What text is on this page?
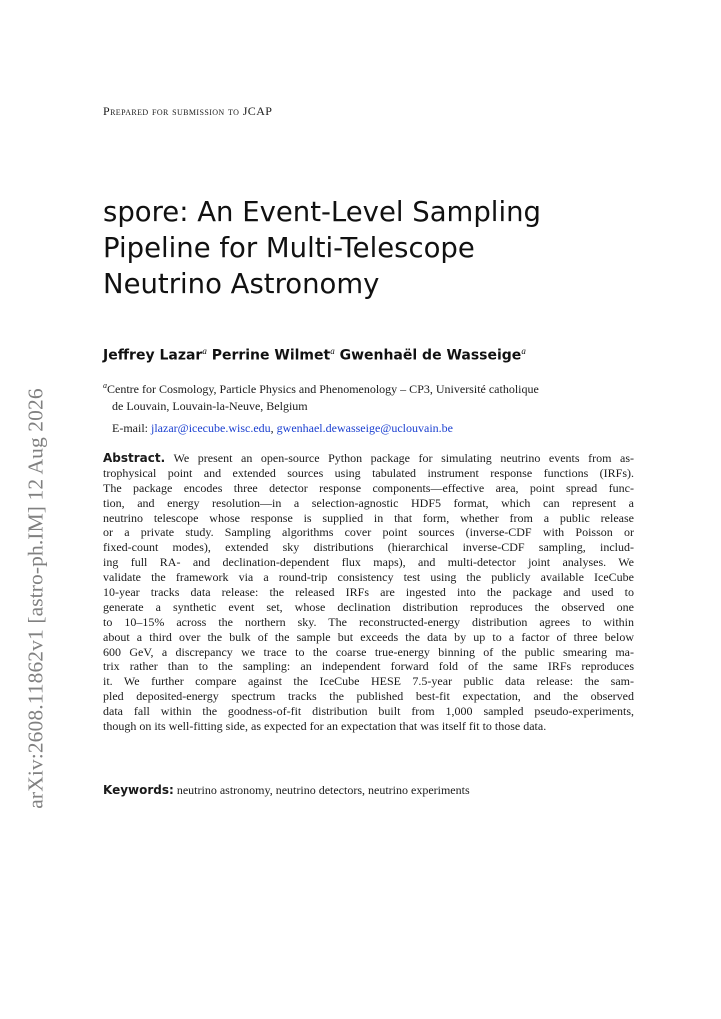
arXiv:2608.11862v1 [astro-ph.IM] 12 Aug 2026
Prepared for submission to JCAP
spore: An Event-Level Sampling
Pipeline for Multi-Telescope
Neutrino Astronomy
Jeffrey Lazar$^a$ Perrine Wilmet$^a$ Gwenhaël de Wasseige$^a$
$^a$Centre for Cosmology, Particle Physics and Phenomenology – CP3, Université catholique
de Louvain, Louvain-la-Neuve, Belgium
E-mail: jlazar@icecube.wisc.edu, gwenhael.dewasseige@uclouvain.be
Abstract. We present an open-source Python package for simulating neutrino events from as-
trophysical point and extended sources using tabulated instrument response functions (IRFs).
The package encodes three detector response components—effective area, point spread func-
tion, and energy resolution—in a selection-agnostic HDF5 format, which can represent a
neutrino telescope whose response is supplied in that form, whether from a public release
or a private study. Sampling algorithms cover point sources (inverse-CDF with Poisson or
fixed-count modes), extended sky distributions (hierarchical inverse-CDF sampling, includ-
ing full RA- and declination-dependent flux maps), and multi-detector joint analyses. We
validate the framework via a round-trip consistency test using the publicly available IceCube
10-year tracks data release: the released IRFs are ingested into the package and used to
generate a synthetic event set, whose declination distribution reproduces the observed one
to 10–15% across the northern sky. The reconstructed-energy distribution agrees to within
about a third over the bulk of the sample but exceeds the data by up to a factor of three below
600 GeV, a discrepancy we trace to the coarse true-energy binning of the public smearing ma-
trix rather than to the sampling: an independent forward fold of the same IRFs reproduces
it. We further compare against the IceCube HESE 7.5-year public data release: the sam-
pled deposited-energy spectrum tracks the published best-fit expectation, and the observed
data fall within the goodness-of-fit distribution built from 1,000 sampled pseudo-experiments,
though on its well-fitting side, as expected for an expectation that was itself fit to those data.
Keywords: neutrino astronomy, neutrino detectors, neutrino experiments
